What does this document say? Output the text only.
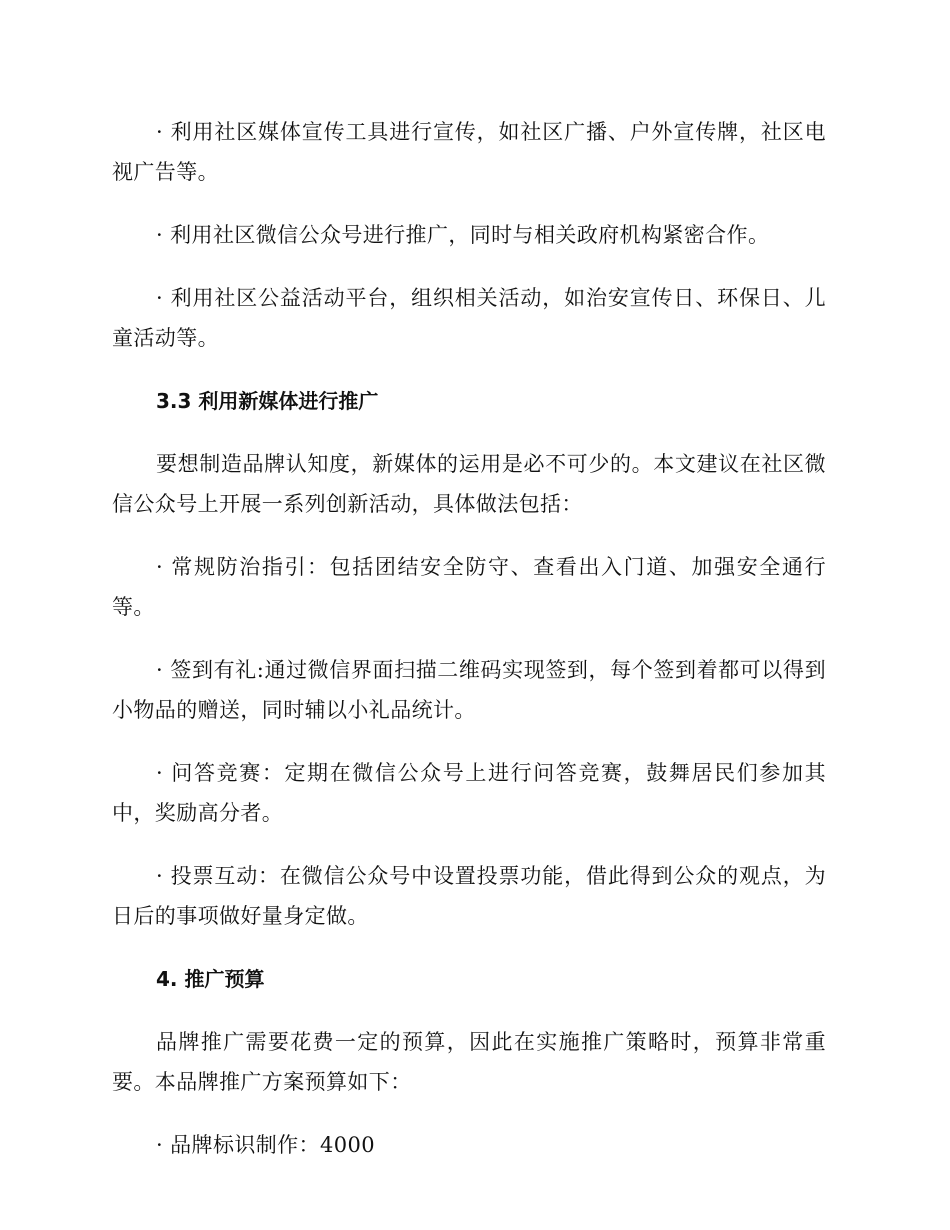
· 利用社区媒体宣传工具进行宣传，如社区广播、户外宣传牌，社区电视广告等。

· 利用社区微信公众号进行推广，同时与相关政府机构紧密合作。

· 利用社区公益活动平台，组织相关活动，如治安宣传日、环保日、儿童活动等。

3.3 利用新媒体进行推广

要想制造品牌认知度，新媒体的运用是必不可少的。本文建议在社区微信公众号上开展一系列创新活动，具体做法包括：

· 常规防治指引：包括团结安全防守、查看出入门道、加强安全通行等。

· 签到有礼:通过微信界面扫描二维码实现签到，每个签到着都可以得到小物品的赠送，同时辅以小礼品统计。

· 问答竞赛：定期在微信公众号上进行问答竞赛，鼓舞居民们参加其中，奖励高分者。

· 投票互动：在微信公众号中设置投票功能，借此得到公众的观点，为日后的事项做好量身定做。

4. 推广预算

品牌推广需要花费一定的预算，因此在实施推广策略时，预算非常重要。本品牌推广方案预算如下：

· 品牌标识制作：4000
